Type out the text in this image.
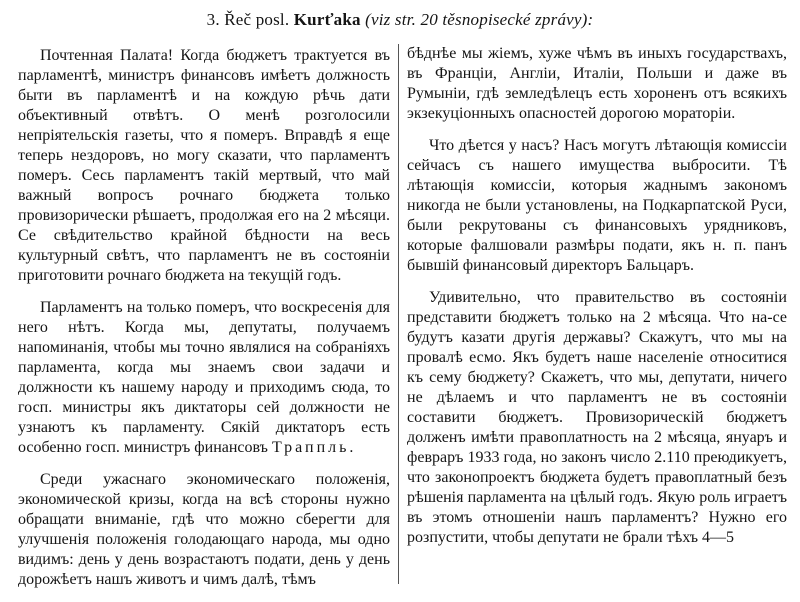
3. Řeč posl. Kurťaka (viz str. 20 těsnopisecké zprávy):

Почтенная Палата! Когда бюджетъ трактуется въ парламентѣ, министръ финансовъ имѣетъ должность быти въ парламентѣ и на кождую рѣчь дати объективный отвѣтъ. О менѣ розголосили непріятельскія газеты, что я померъ. Вправдѣ я еще теперь нездоровъ, но могу сказати, что парламентъ померъ. Сесь парламентъ такій мертвый, что май важный вопросъ рочнаго бюджета только провизорически рѣшаетъ, продолжая его на 2 мѣсяци. Се свѣдительство крайной бѣдности на весь культурный свѣтъ, что парламентъ не въ состояніи приготовити рочнаго бюджета на текущій годъ.

Парламентъ на только померъ, что воскресенія для него нѣтъ. Когда мы, депутаты, получаемъ напоминанія, чтобы мы точно являлися на собраніяхъ парламента, когда мы знаемъ свои задачи и должности къ нашему народу и приходимъ сюда, то госп. министры якъ диктаторы сей должности не узнаютъ къ парламенту. Сякій диктаторъ есть особенно госп. министръ финансовъ Траппль.

Среди ужаснаго экономическаго положенія, экономической кризы, когда на всѣ стороны нужно обращати вниманіе, гдѣ что можно сберегти для улучшенія положенія голодающаго народа, мы одно видимъ: день у день возрастаютъ подати, день у день дорожѣетъ нашъ животъ и чимъ далѣ, тѣмъ

бѣднѣе мы жіемъ, хуже чѣмъ въ иныхъ государствахъ, въ Франціи, Англіи, Италіи, Польши и даже въ Румыніи, гдѣ земледѣлецъ есть хороненъ отъ всякихъ экзекуціонныхъ опасностей дорогою мораторіи.

Что дѣется у насъ? Насъ могутъ лѣтающія комиссіи сейчасъ съ нашего имущества выбросити. Тѣ лѣтающія комиссіи, которыя жаднымъ закономъ никогда не были установлены, на Подкарпатской Руси, были рекрутованы съ финансовыхъ урядниковъ, которые фалшовали размѣры подати, якъ н. п. панъ бывшій финансовый директоръ Бальцаръ.

Удивительно, что правительство въ состояніи представити бюджетъ только на 2 мѣсяца. Что на-се будутъ казати другія державы? Скажутъ, что мы на провалѣ есмо. Якъ будетъ наше населеніе относитися къ сему бюджету? Скажетъ, что мы, депутати, ничего не дѣлаемъ и что парламентъ не въ состояніи составити бюджетъ. Провизорическій бюджетъ долженъ имѣти правоплатность на 2 мѣсяца, януаръ и февраръ 1933 года, но законъ число 2.110 преюдикуетъ, что законопроектъ бюджета будетъ правоплатный безъ рѣшенія парламента на цѣлый годъ. Якую роль играетъ въ этомъ отношеніи нашъ парламентъ? Нужно его розпустити, чтобы депутати не брали тѣхъ 4—5
